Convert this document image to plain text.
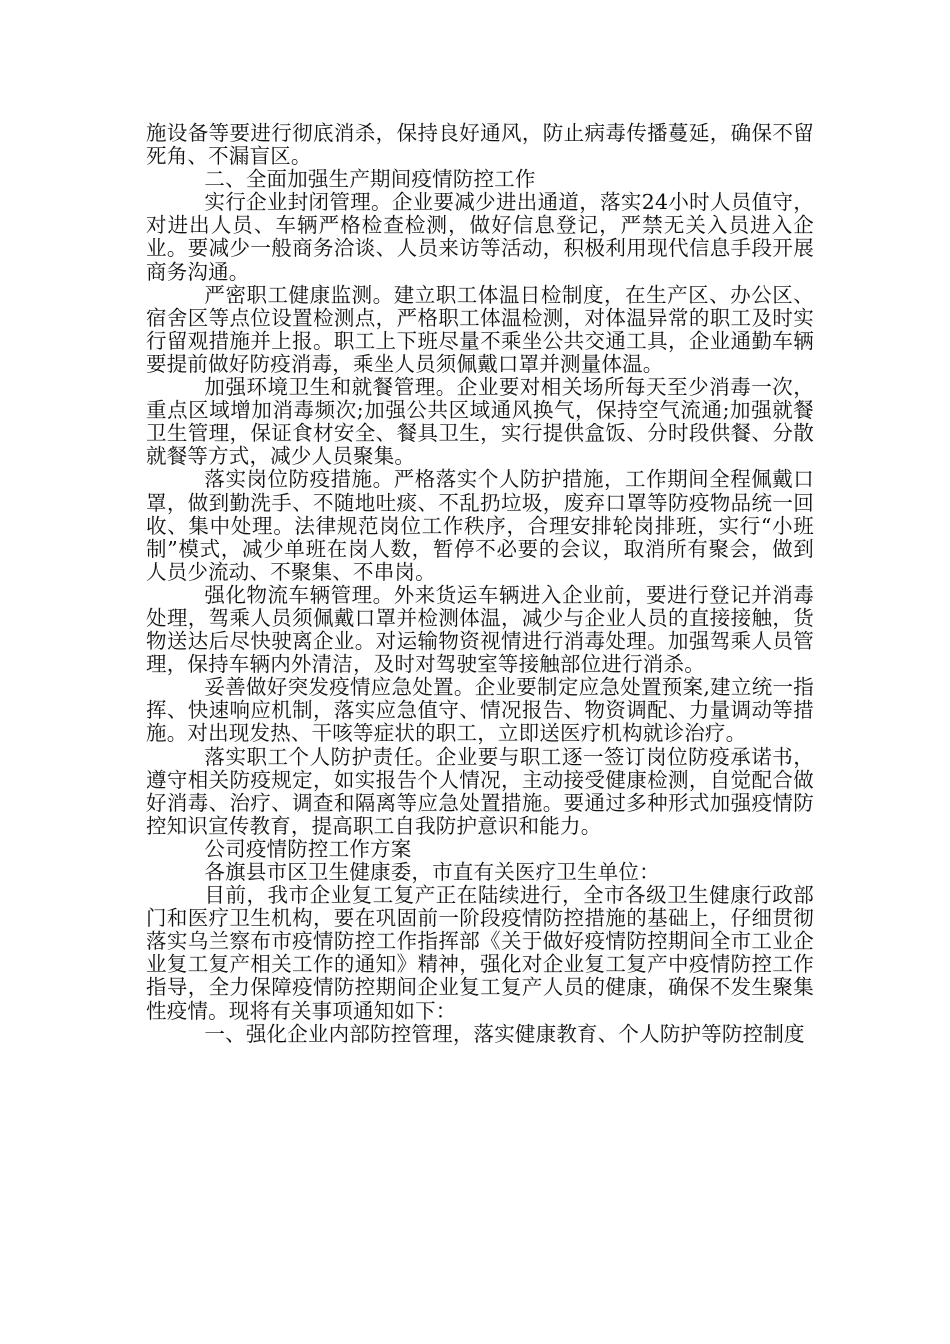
施设备等要进行彻底消杀，保持良好通风，防止病毒传播蔓延，确保不留死角、不漏盲区。

二、全面加强生产期间疫情防控工作

实行企业封闭管理。企业要减少进出通道，落实24小时人员值守，对进出人员、车辆严格检查检测，做好信息登记，严禁无关入员进入企业。要减少一般商务洽谈、人员来访等活动，积极利用现代信息手段开展商务沟通。

严密职工健康监测。建立职工体温日检制度，在生产区、办公区、宿舍区等点位设置检测点，严格职工体温检测，对体温异常的职工及时实行留观措施并上报。职工上下班尽量不乘坐公共交通工具，企业通勤车辆要提前做好防疫消毒，乘坐人员须佩戴口罩并测量体温。

加强环境卫生和就餐管理。企业要对相关场所每天至少消毒一次，重点区域增加消毒频次;加强公共区域通风换气，保持空气流通;加强就餐卫生管理，保证食材安全、餐具卫生，实行提供盒饭、分时段供餐、分散就餐等方式，减少人员聚集。

落实岗位防疫措施。严格落实个人防护措施，工作期间全程佩戴口罩，做到勤洗手、不随地吐痰、不乱扔垃圾，废弃口罩等防疫物品统一回收、集中处理。法律规范岗位工作秩序，合理安排轮岗排班，实行“小班制”模式，减少单班在岗人数，暂停不必要的会议，取消所有聚会，做到人员少流动、不聚集、不串岗。

强化物流车辆管理。外来货运车辆进入企业前，要进行登记并消毒处理，驾乘人员须佩戴口罩并检测体温，减少与企业人员的直接接触，货物送达后尽快驶离企业。对运输物资视情进行消毒处理。加强驾乘人员管理，保持车辆内外清洁，及时对驾驶室等接触部位进行消杀。

妥善做好突发疫情应急处置。企业要制定应急处置预案,建立统一指挥、快速响应机制，落实应急值守、情况报告、物资调配、力量调动等措施。对出现发热、干咳等症状的职工，立即送医疗机构就诊治疗。

落实职工个人防护责任。企业要与职工逐一签订岗位防疫承诺书，遵守相关防疫规定，如实报告个人情况，主动接受健康检测，自觉配合做好消毒、治疗、调查和隔离等应急处置措施。要通过多种形式加强疫情防控知识宣传教育，提高职工自我防护意识和能力。

公司疫情防控工作方案

各旗县市区卫生健康委，市直有关医疗卫生单位：

目前，我市企业复工复产正在陆续进行，全市各级卫生健康行政部门和医疗卫生机构，要在巩固前一阶段疫情防控措施的基础上，仔细贯彻落实乌兰察布市疫情防控工作指挥部《关于做好疫情防控期间全市工业企业复工复产相关工作的通知》精神，强化对企业复工复产中疫情防控工作指导，全力保障疫情防控期间企业复工复产人员的健康，确保不发生聚集性疫情。现将有关事项通知如下：

一、强化企业内部防控管理，落实健康教育、个人防护等防控制度
